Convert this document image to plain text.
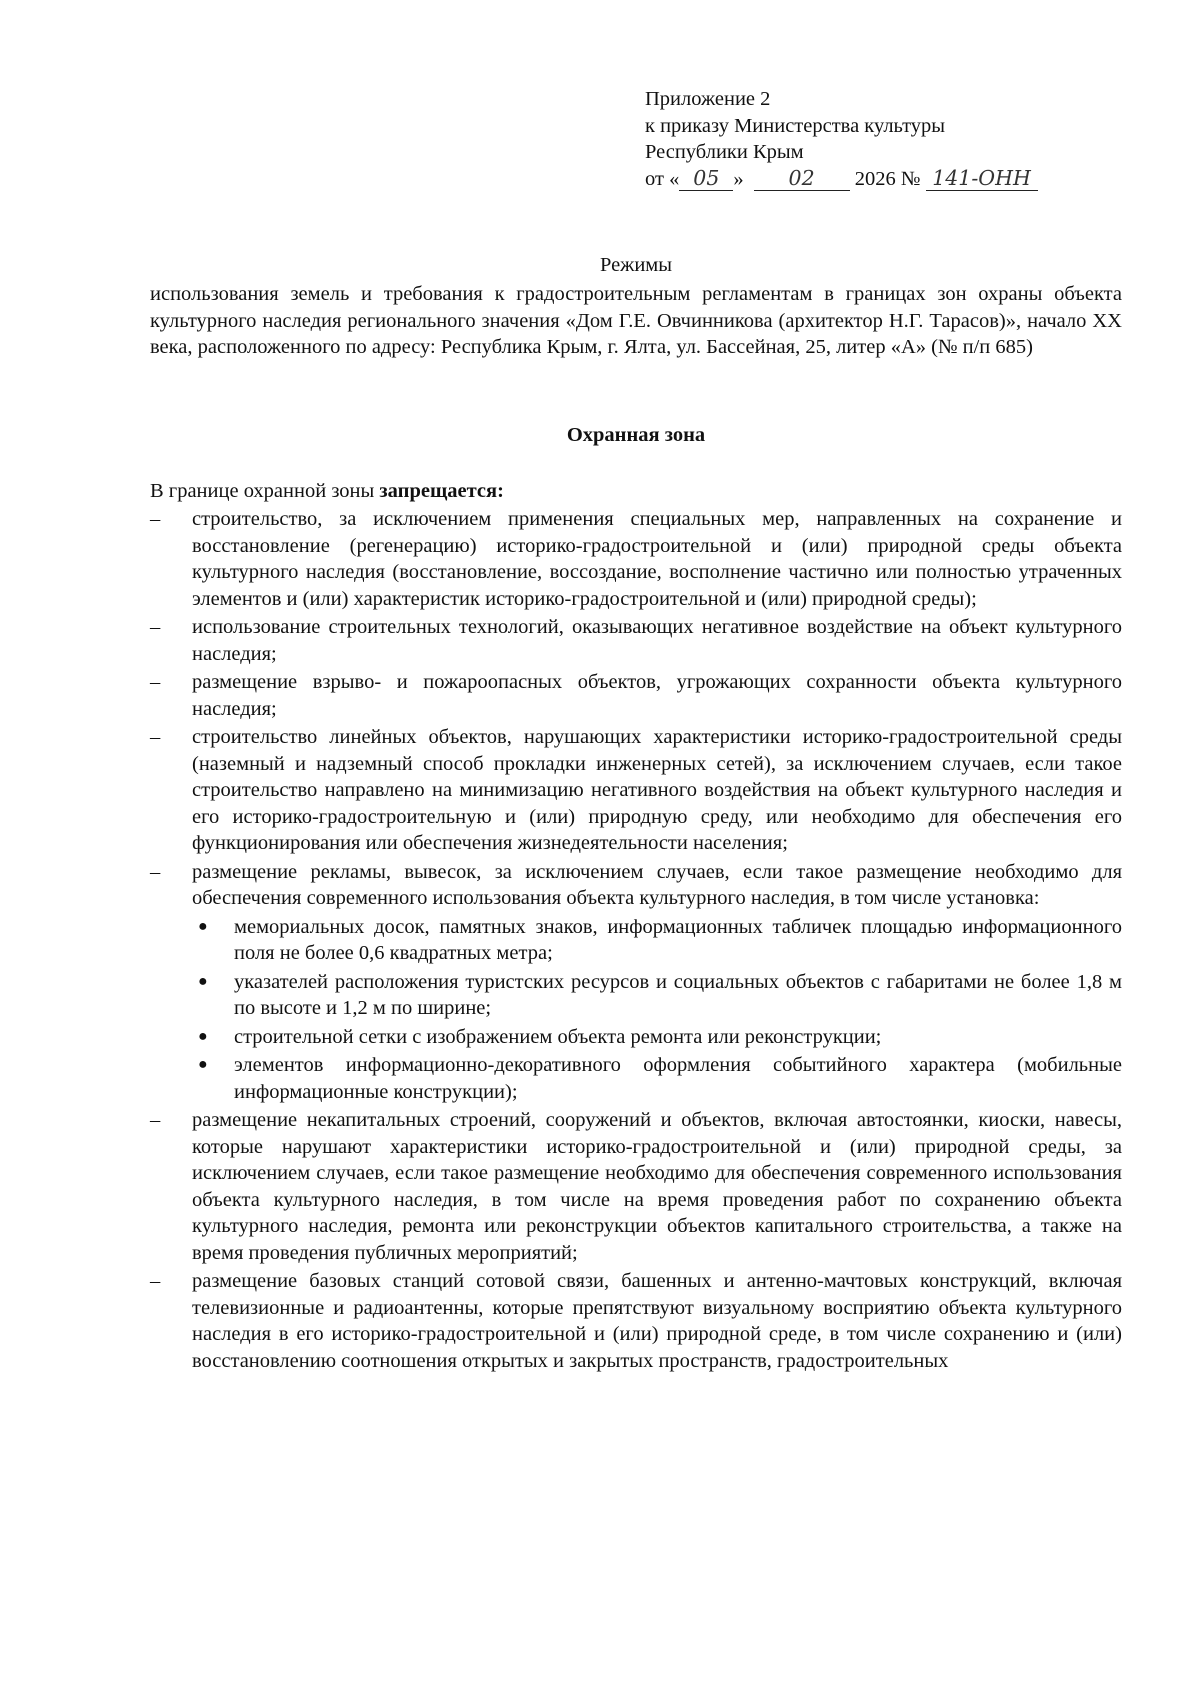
Приложение 2
к приказу Министерства культуры
Республики Крым
от « 05 » 02 2026 № 141-ОНН
Режимы
использования земель и требования к градостроительным регламентам в границах зон охраны объекта культурного наследия регионального значения «Дом Г.Е. Овчинникова (архитектор Н.Г. Тарасов)», начало XX века, расположенного по адресу: Республика Крым, г. Ялта, ул. Бассейная, 25, литер «А» (№ п/п 685)
Охранная зона
В границе охранной зоны запрещается:
–	строительство, за исключением применения специальных мер, направленных на сохранение и восстановление (регенерацию) историко-градостроительной и (или) природной среды объекта культурного наследия (восстановление, воссоздание, восполнение частично или полностью утраченных элементов и (или) характеристик историко-градостроительной и (или) природной среды);
–	использование строительных технологий, оказывающих негативное воздействие на объект культурного наследия;
–	размещение взрыво- и пожароопасных объектов, угрожающих сохранности объекта культурного наследия;
–	строительство линейных объектов, нарушающих характеристики историко-градостроительной среды (наземный и надземный способ прокладки инженерных сетей), за исключением случаев, если такое строительство направлено на минимизацию негативного воздействия на объект культурного наследия и его историко-градостроительную и (или) природную среду, или необходимо для обеспечения его функционирования или обеспечения жизнедеятельности населения;
–	размещение рекламы, вывесок, за исключением случаев, если такое размещение необходимо для обеспечения современного использования объекта культурного наследия, в том числе установка:
● мемориальных досок, памятных знаков, информационных табличек площадью информационного поля не более 0,6 квадратных метра;
● указателей расположения туристских ресурсов и социальных объектов с габаритами не более 1,8 м по высоте и 1,2 м по ширине;
● строительной сетки с изображением объекта ремонта или реконструкции;
● элементов информационно-декоративного оформления событийного характера (мобильные информационные конструкции);
–	размещение некапитальных строений, сооружений и объектов, включая автостоянки, киоски, навесы, которые нарушают характеристики историко-градостроительной и (или) природной среды, за исключением случаев, если такое размещение необходимо для обеспечения современного использования объекта культурного наследия, в том числе на время проведения работ по сохранению объекта культурного наследия, ремонта или реконструкции объектов капитального строительства, а также на время проведения публичных мероприятий;
–	размещение базовых станций сотовой связи, башенных и антенно-мачтовых конструкций, включая телевизионные и радиоантенны, которые препятствуют визуальному восприятию объекта культурного наследия в его историко-градостроительной и (или) природной среде, в том числе сохранению и (или) восстановлению соотношения открытых и закрытых пространств, градостроительных
